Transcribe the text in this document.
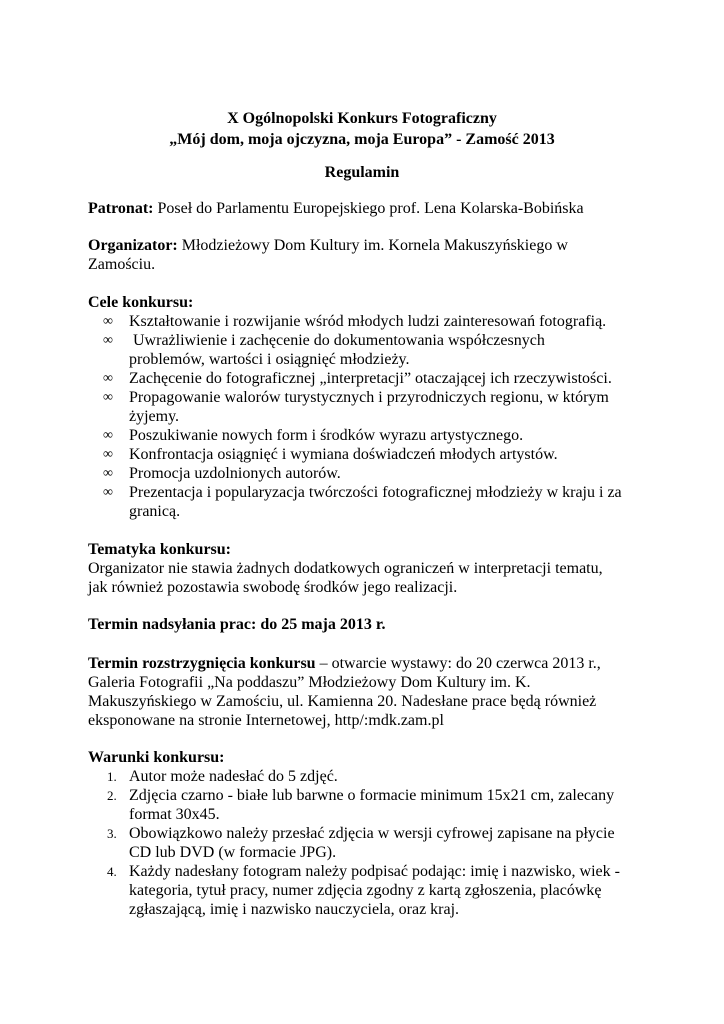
X Ogólnopolski Konkurs Fotograficzny
„Mój dom, moja ojczyzna, moja Europa” - Zamość 2013
Regulamin
Patronat: Poseł do Parlamentu Europejskiego prof. Lena Kolarska-Bobińska
Organizator: Młodzieżowy Dom Kultury im. Kornela Makuszyńskiego w
Zamościu.
Cele konkursu:
∞ Kształtowanie i rozwijanie wśród młodych ludzi zainteresowań fotografią.
∞ Uwrażliwienie i zachęcenie do dokumentowania współczesnych
problemów, wartości i osiągnięć młodzieży.
∞ Zachęcenie do fotograficznej „interpretacji” otaczającej ich rzeczywistości.
∞ Propagowanie walorów turystycznych i przyrodniczych regionu, w którym
żyjemy.
∞ Poszukiwanie nowych form i środków wyrazu artystycznego.
∞ Konfrontacja osiągnięć i wymiana doświadczeń młodych artystów.
∞ Promocja uzdolnionych autorów.
∞ Prezentacja i popularyzacja twórczości fotograficznej młodzieży w kraju i za
granicą.
Tematyka konkursu:
Organizator nie stawia żadnych dodatkowych ograniczeń w interpretacji tematu,
jak również pozostawia swobodę środków jego realizacji.
Termin nadsyłania prac: do 25 maja 2013 r.
Termin rozstrzygnięcia konkursu – otwarcie wystawy: do 20 czerwca 2013 r.,
Galeria Fotografii „Na poddaszu” Młodzieżowy Dom Kultury im. K.
Makuszyńskiego w Zamościu, ul. Kamienna 20. Nadesłane prace będą również
eksponowane na stronie Internetowej, http/:mdk.zam.pl
Warunki konkursu:
1. Autor może nadesłać do 5 zdjęć.
2. Zdjęcia czarno - białe lub barwne o formacie minimum 15x21 cm, zalecany
format 30x45.
3. Obowiązkowo należy przesłać zdjęcia w wersji cyfrowej zapisane na płycie
CD lub DVD (w formacie JPG).
4. Każdy nadesłany fotogram należy podpisać podając: imię i nazwisko, wiek -
kategoria, tytuł pracy, numer zdjęcia zgodny z kartą zgłoszenia, placówkę
zgłaszającą, imię i nazwisko nauczyciela, oraz kraj.
